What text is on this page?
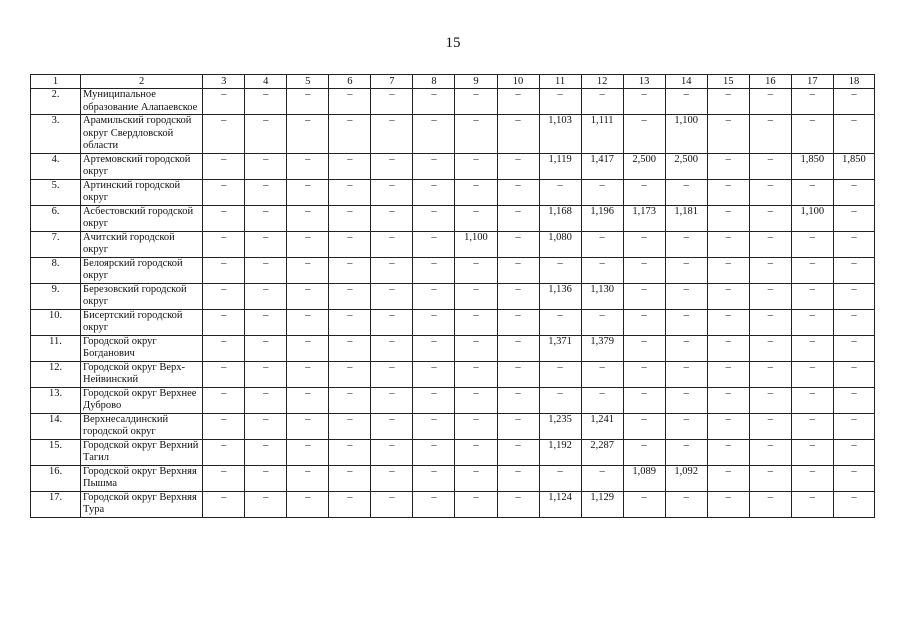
15
1	2	3	4	5	6	7	8	9	10	11	12	13	14	15	16	17	18
2.	Муниципальное образование Алапаевское	–	–	–	–	–	–	–	–	–	–	–	–	–	–	–	–
3.	Арамильский городской округ Свердловской области	–	–	–	–	–	–	–	–	1,103	1,111	–	1,100	–	–	–	–
4.	Артемовский городской округ	–	–	–	–	–	–	–	–	1,119	1,417	2,500	2,500	–	–	1,850	1,850
5.	Артинский городской округ	–	–	–	–	–	–	–	–	–	–	–	–	–	–	–	–
6.	Асбестовский городской округ	–	–	–	–	–	–	–	–	1,168	1,196	1,173	1,181	–	–	1,100	–
7.	Ачитский городской округ	–	–	–	–	–	–	1,100	–	1,080	–	–	–	–	–	–	–
8.	Белоярский городской округ	–	–	–	–	–	–	–	–	–	–	–	–	–	–	–	–
9.	Березовский городской округ	–	–	–	–	–	–	–	–	1,136	1,130	–	–	–	–	–	–
10.	Бисертский городской округ	–	–	–	–	–	–	–	–	–	–	–	–	–	–	–	–
11.	Городской округ Богданович	–	–	–	–	–	–	–	–	1,371	1,379	–	–	–	–	–	–
12.	Городской округ Верх-Нейвинский	–	–	–	–	–	–	–	–	–	–	–	–	–	–	–	–
13.	Городской округ Верхнее Дуброво	–	–	–	–	–	–	–	–	–	–	–	–	–	–	–	–
14.	Верхнесалдинский городской округ	–	–	–	–	–	–	–	–	1,235	1,241	–	–	–	–	–	–
15.	Городской округ Верхний Тагил	–	–	–	–	–	–	–	–	1,192	2,287	–	–	–	–	–	–
16.	Городской округ Верхняя Пышма	–	–	–	–	–	–	–	–	–	–	1,089	1,092	–	–	–	–
17.	Городской округ Верхняя Тура	–	–	–	–	–	–	–	–	1,124	1,129	–	–	–	–	–	–
